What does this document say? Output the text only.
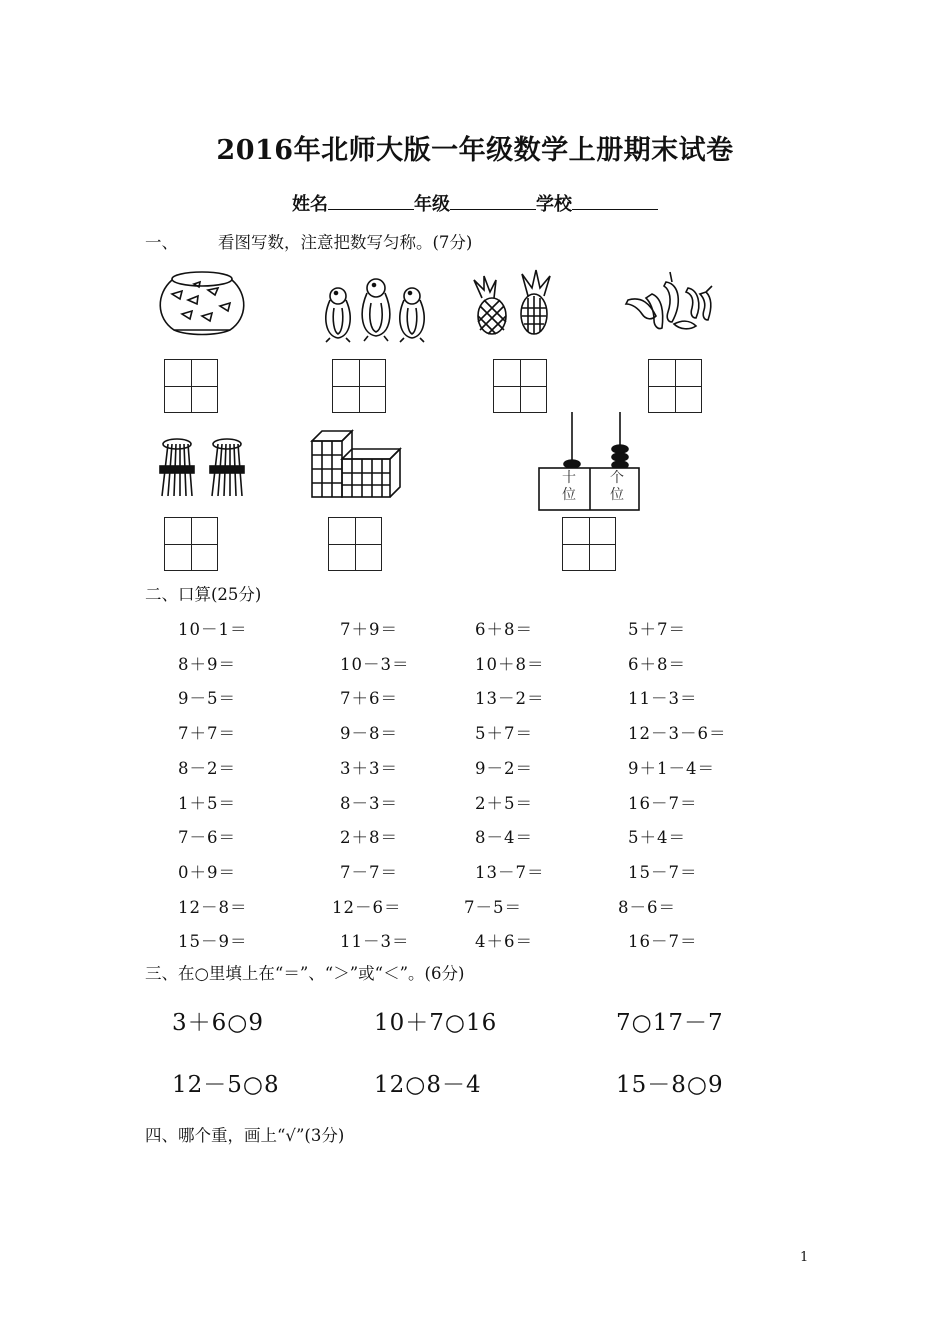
2016年北师大版一年级数学上册期末试卷
姓名	年级	学校
一、 看图写数，注意把数写匀称。(7分)
十
位
个
位
二、口算(25分)
10－1＝	7＋9＝	6＋8＝	5＋7＝
8＋9＝	10－3＝	10＋8＝	6＋8＝
9－5＝	7＋6＝	13－2＝	11－3＝
7＋7＝	9－8＝	5＋7＝	12－3－6＝
8－2＝	3＋3＝	9－2＝	9＋1－4＝
1＋5＝	8－3＝	2＋5＝	16－7＝
7－6＝	2＋8＝	8－4＝	5＋4＝
0＋9＝	7－7＝	13－7＝	15－7＝
12－8＝	12－6＝	7－5＝	8－6＝
15－9＝	11－3＝	4＋6＝	16－7＝
三、在○里填上在“＝”、“＞”或“＜”。(6分)
3＋6○9	10＋7○16	7○17－7
12－5○8	12○8－4	15－8○9
四、哪个重，画上“√”(3分)
1
